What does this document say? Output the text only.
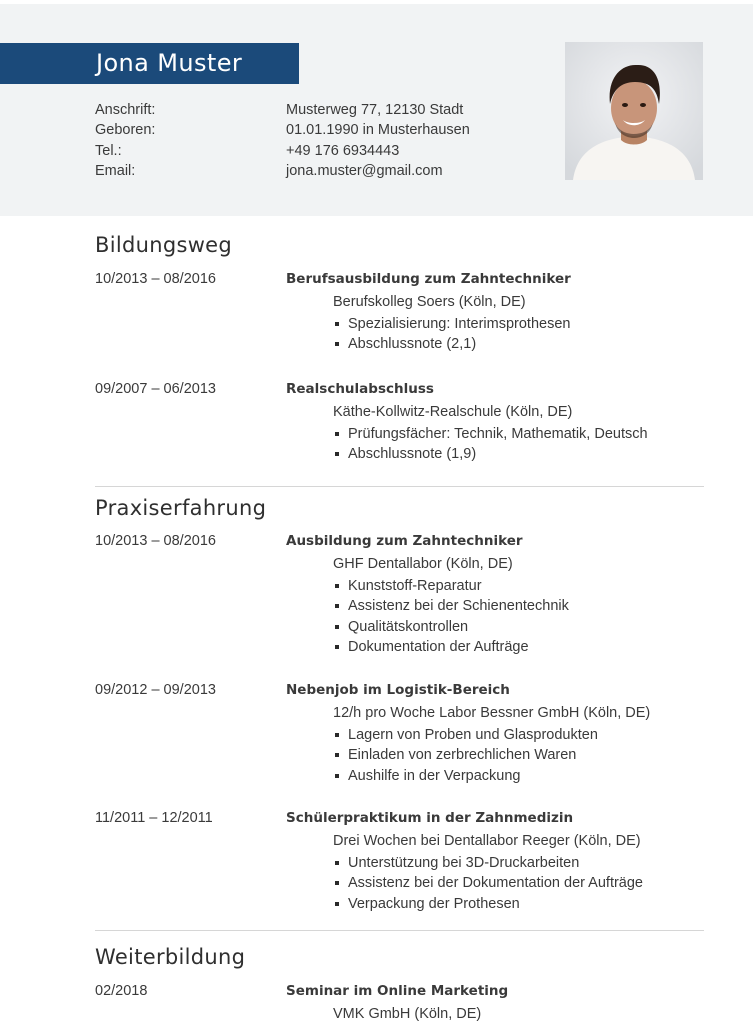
Jona Muster
Anschrift:	Musterweg 77, 12130 Stadt
Geboren:	01.01.1990 in Musterhausen
Tel.:	+49 176 6934443
Email:	jona.muster@gmail.com
Bildungsweg
10/2013 – 08/2016	Berufsausbildung zum Zahntechniker
Berufskolleg Soers (Köln, DE)
Spezialisierung: Interimsprothesen
Abschlussnote (2,1)
09/2007 – 06/2013	Realschulabschluss
Käthe-Kollwitz-Realschule (Köln, DE)
Prüfungsfächer: Technik, Mathematik, Deutsch
Abschlussnote (1,9)
Praxiserfahrung
10/2013 – 08/2016	Ausbildung zum Zahntechniker
GHF Dentallabor (Köln, DE)
Kunststoff-Reparatur
Assistenz bei der Schienentechnik
Qualitätskontrollen
Dokumentation der Aufträge
09/2012 – 09/2013	Nebenjob im Logistik-Bereich
12/h pro Woche Labor Bessner GmbH (Köln, DE)
Lagern von Proben und Glasprodukten
Einladen von zerbrechlichen Waren
Aushilfe in der Verpackung
11/2011 – 12/2011	Schülerpraktikum in der Zahnmedizin
Drei Wochen bei Dentallabor Reeger (Köln, DE)
Unterstützung bei 3D-Druckarbeiten
Assistenz bei der Dokumentation der Aufträge
Verpackung der Prothesen
Weiterbildung
02/2018	Seminar im Online Marketing
VMK GmbH (Köln, DE)
